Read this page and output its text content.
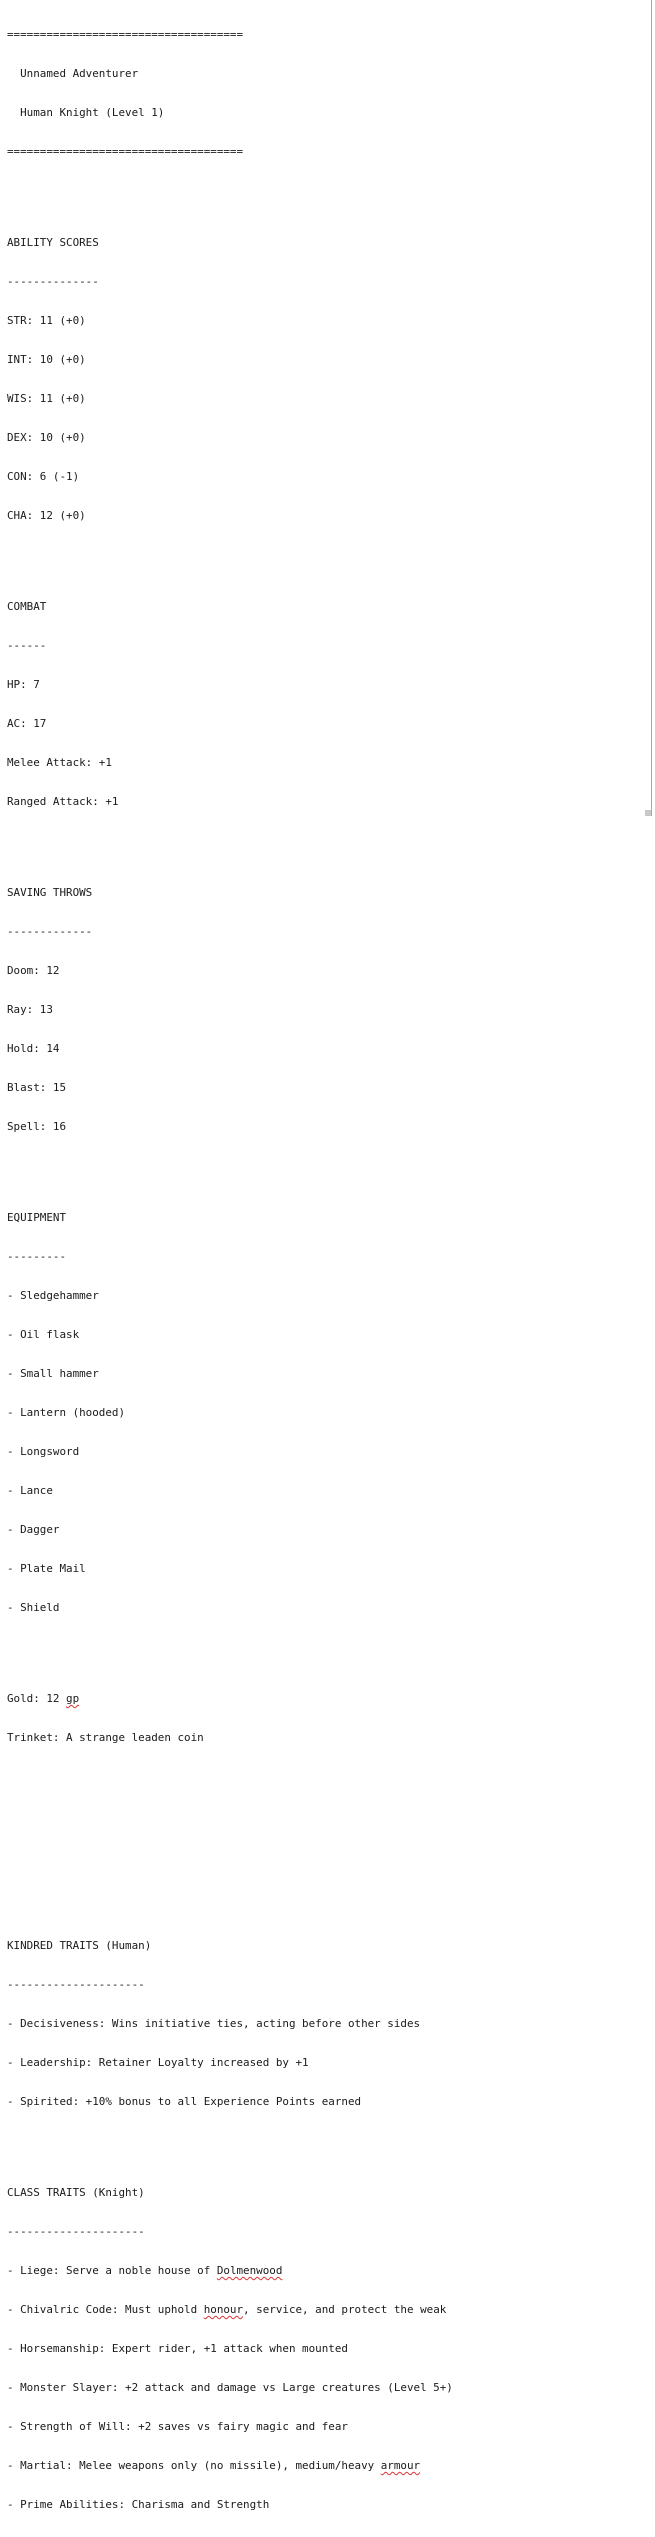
====================================

Unnamed Adventurer

Human Knight (Level 1)

====================================

ABILITY SCORES

--------------

STR: 11 (+0)

INT: 10 (+0)

WIS: 11 (+0)

DEX: 10 (+0)

CON: 6 (-1)

CHA: 12 (+0)

COMBAT

------

HP: 7

AC: 17

Melee Attack: +1

Ranged Attack: +1

SAVING THROWS

-------------

Doom: 12

Ray: 13

Hold: 14

Blast: 15

Spell: 16

EQUIPMENT

---------

- Sledgehammer

- Oil flask

- Small hammer

- Lantern (hooded)

- Longsword

- Lance

- Dagger

- Plate Mail

- Shield

Gold: 12 gp

Trinket: A strange leaden coin

KINDRED TRAITS (Human)

---------------------

- Decisiveness: Wins initiative ties, acting before other sides

- Leadership: Retainer Loyalty increased by +1

- Spirited: +10% bonus to all Experience Points earned

CLASS TRAITS (Knight)

---------------------

- Liege: Serve a noble house of Dolmenwood

- Chivalric Code: Must uphold honour, service, and protect the weak

- Horsemanship: Expert rider, +1 attack when mounted

- Monster Slayer: +2 attack and damage vs Large creatures (Level 5+)

- Strength of Will: +2 saves vs fairy magic and fear

- Martial: Melee weapons only (no missile), medium/heavy armour

- Prime Abilities: Charisma and Strength
